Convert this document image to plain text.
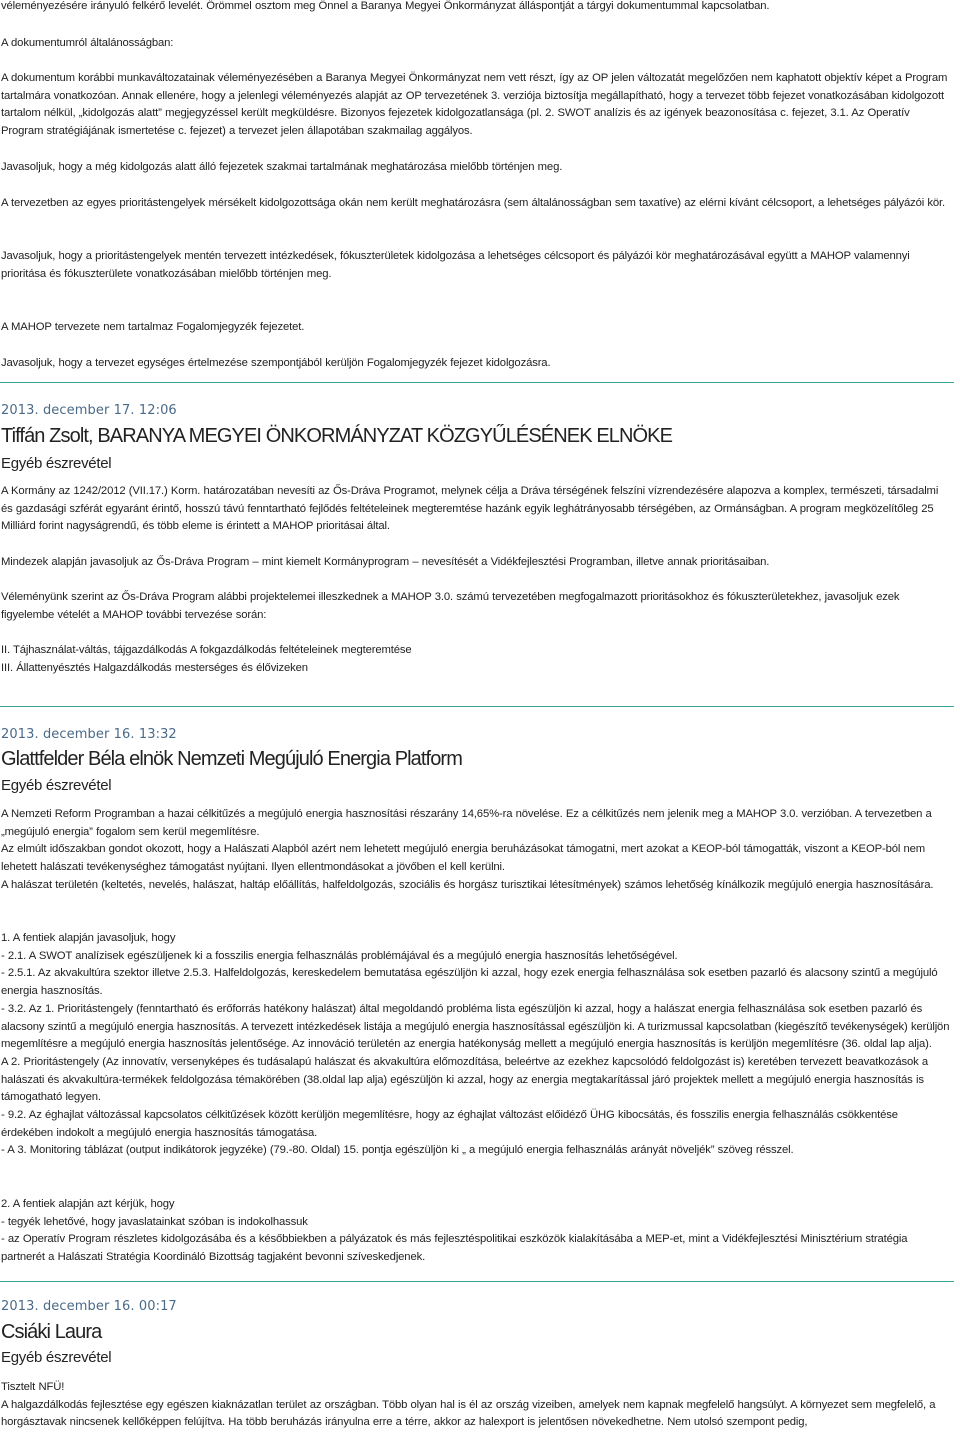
véleményezésére irányuló felkérő levelét. Örömmel osztom meg Önnel a Baranya Megyei Önkormányzat álláspontját a tárgyi dokumentummal kapcsolatban.

A dokumentumról általánosságban:

A dokumentum korábbi munkaváltozatainak véleményezésében a Baranya Megyei Önkormányzat nem vett részt, így az OP jelen változatát megelőzően nem kaphatott objektív képet a Program tartalmára vonatkozóan. Annak ellenére, hogy a jelenlegi véleményezés alapját az OP tervezetének 3. verziója biztosítja megállapítható, hogy a tervezet több fejezet vonatkozásában kidolgozott tartalom nélkül, „kidolgozás alatt” megjegyzéssel került megküldésre. Bizonyos fejezetek kidolgozatlansága (pl. 2. SWOT analízis és az igények beazonosítása c. fejezet, 3.1. Az Operatív Program stratégiájának ismertetése c. fejezet) a tervezet jelen állapotában szakmailag aggályos.

Javasoljuk, hogy a még kidolgozás alatt álló fejezetek szakmai tartalmának meghatározása mielőbb történjen meg.

A tervezetben az egyes prioritástengelyek mérsékelt kidolgozottsága okán nem került meghatározásra (sem általánosságban sem taxatíve) az elérni kívánt célcsoport, a lehetséges pályázói kör.

Javasoljuk, hogy a prioritástengelyek mentén tervezett intézkedések, fókuszterületek kidolgozása a lehetséges célcsoport és pályázói kör meghatározásával együtt a MAHOP valamennyi prioritása és fókuszterülete vonatkozásában mielőbb történjen meg.

A MAHOP tervezete nem tartalmaz Fogalomjegyzék fejezetet.

Javasoljuk, hogy a tervezet egységes értelmezése szempontjából kerüljön Fogalomjegyzék fejezet kidolgozásra.

2013. december 17. 12:06
Tiffán Zsolt, BARANYA MEGYEI ÖNKORMÁNYZAT KÖZGYŰLÉSÉNEK ELNÖKE
Egyéb észrevétel

A Kormány az 1242/2012 (VII.17.) Korm. határozatában nevesíti az Ős-Dráva Programot, melynek célja a Dráva térségének felszíni vízrendezésére alapozva a komplex, természeti, társadalmi és gazdasági szférát egyaránt érintő, hosszú távú fenntartható fejlődés feltételeinek megteremtése hazánk egyik leghátrányosabb térségében, az Ormánságban. A program megközelítőleg 25 Milliárd forint nagyságrendű, és több eleme is érintett a MAHOP prioritásai által.

Mindezek alapján javasoljuk az Ős-Dráva Program – mint kiemelt Kormányprogram – nevesítését a Vidékfejlesztési Programban, illetve annak prioritásaiban.

Véleményünk szerint az Ős-Dráva Program alábbi projektelemei illeszkednek a MAHOP 3.0. számú tervezetében megfogalmazott prioritásokhoz és fókuszterületekhez, javasoljuk ezek figyelembe vételét a MAHOP további tervezése során:

II. Tájhasználat-váltás, tájgazdálkodás A fokgazdálkodás feltételeinek megteremtése

III. Állattenyésztés Halgazdálkodás mesterséges és élővizeken

2013. december 16. 13:32
Glattfelder Béla elnök Nemzeti Megújuló Energia Platform
Egyéb észrevétel

A Nemzeti Reform Programban a hazai célkitűzés a megújuló energia hasznosítási részarány 14,65%-ra növelése. Ez a célkitűzés nem jelenik meg a MAHOP 3.0. verzióban. A tervezetben a „megújuló energia” fogalom sem kerül megemlítésre.

Az elmúlt időszakban gondot okozott, hogy a Halászati Alapból azért nem lehetett megújuló energia beruházásokat támogatni, mert azokat a KEOP-ból támogatták, viszont a KEOP-ból nem lehetett halászati tevékenységhez támogatást nyújtani. Ilyen ellentmondásokat a jövőben el kell kerülni.

A halászat területén (keltetés, nevelés, halászat, haltáp előállítás, halfeldolgozás, szociális és horgász turisztikai létesítmények) számos lehetőség kínálkozik megújuló energia hasznosítására.

1. A fentiek alapján javasoljuk, hogy

- 2.1. A SWOT analízisek egészüljenek ki a fosszilis energia felhasználás problémájával és a megújuló energia hasznosítás lehetőségével.

- 2.5.1. Az akvakultúra szektor illetve 2.5.3. Halfeldolgozás, kereskedelem bemutatása egészüljön ki azzal, hogy ezek energia felhasználása sok esetben pazarló és alacsony szintű a megújuló energia hasznosítás.

- 3.2. Az 1. Prioritástengely (fenntartható és erőforrás hatékony halászat) által megoldandó probléma lista egészüljön ki azzal, hogy a halászat energia felhasználása sok esetben pazarló és alacsony szintű a megújuló energia hasznosítás. A tervezett intézkedések listája a megújuló energia hasznosítással egészüljön ki. A turizmussal kapcsolatban (kiegészítő tevékenységek) kerüljön megemlítésre a megújuló energia hasznosítás jelentősége. Az innováció területén az energia hatékonyság mellett a megújuló energia hasznosítás is kerüljön megemlítésre (36. oldal lap alja).

A 2. Prioritástengely (Az innovatív, versenyképes és tudásalapú halászat és akvakultúra előmozdítása, beleértve az ezekhez kapcsolódó feldolgozást is) keretében tervezett beavatkozások a halászati és akvakultúra-termékek feldolgozása témakörében (38.oldal lap alja) egészüljön ki azzal, hogy az energia megtakarítással járó projektek mellett a megújuló energia hasznosítás is támogatható legyen.

- 9.2. Az éghajlat változással kapcsolatos célkitűzések között kerüljön megemlítésre, hogy az éghajlat változást előidéző ÜHG kibocsátás, és fosszilis energia felhasználás csökkentése érdekében indokolt a megújuló energia hasznosítás támogatása.

- A 3. Monitoring táblázat (output indikátorok jegyzéke) (79.-80. Oldal) 15. pontja egészüljön ki „ a megújuló energia felhasználás arányát növeljék” szöveg résszel.

2. A fentiek alapján azt kérjük, hogy

- tegyék lehetővé, hogy javaslatainkat szóban is indokolhassuk

- az Operatív Program részletes kidolgozásába és a későbbiekben a pályázatok és más fejlesztéspolitikai eszközök kialakításába a MEP-et, mint a Vidékfejlesztési Minisztérium stratégia partnerét a Halászati Stratégia Koordináló Bizottság tagjaként bevonni szíveskedjenek.

2013. december 16. 00:17
Csiáki Laura
Egyéb észrevétel

Tisztelt NFÜ!

A halgazdálkodás fejlesztése egy egészen kiaknázatlan terület az országban. Több olyan hal is él az ország vizeiben, amelyek nem kapnak megfelelő hangsúlyt. A környezet sem megfelelő, a horgásztavak nincsenek kellőképpen felújítva. Ha több beruházás irányulna erre a térre, akkor az halexport is jelentősen növekedhetne. Nem utolsó szempont pedig,
